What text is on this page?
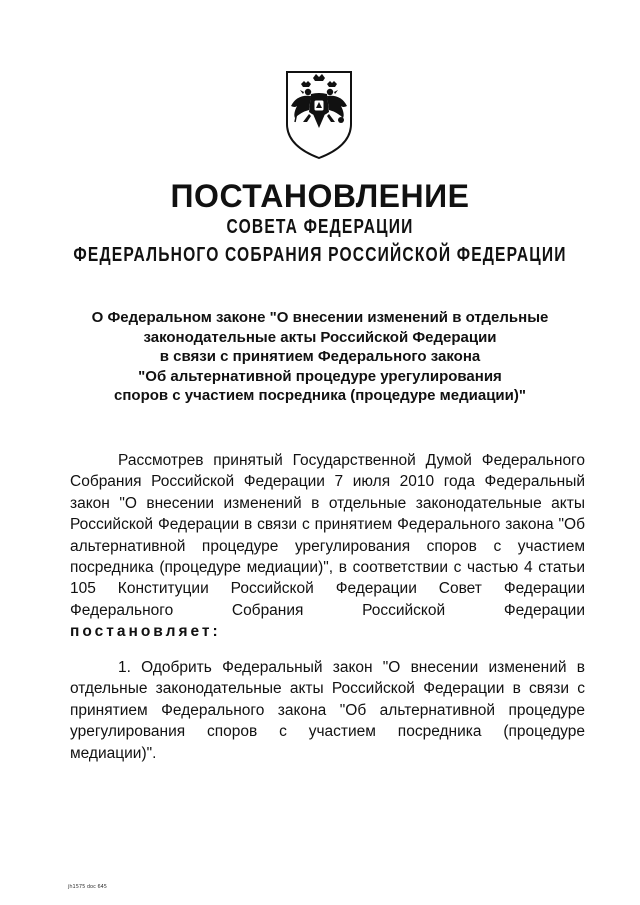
ПОСТАНОВЛЕНИЕ
СОВЕТА ФЕДЕРАЦИИ
ФЕДЕРАЛЬНОГО СОБРАНИЯ РОССИЙСКОЙ ФЕДЕРАЦИИ
О Федеральном законе "О внесении изменений в отдельные
законодательные акты Российской Федерации
в связи с принятием Федерального закона
"Об альтернативной процедуре урегулирования
споров с участием посредника (процедуре медиации)"
Рассмотрев принятый Государственной Думой Федерального Собрания Российской Федерации 7 июля 2010 года Федеральный закон "О внесении изменений в отдельные законодательные акты Российской Федерации в связи с принятием Федерального закона "Об альтернативной процедуре урегулирования споров с участием посредника (процедуре медиации)", в соответствии с частью 4 статьи 105 Конституции Российской Федерации Совет Федерации Федерального Собрания Российской Федерации
постановляет:
1. Одобрить Федеральный закон "О внесении изменений в отдельные законодательные акты Российской Федерации в связи с принятием Федерального закона "Об альтернативной процедуре урегулирования споров с участием посредника (процедуре медиации)".
jh1575 doc 645
